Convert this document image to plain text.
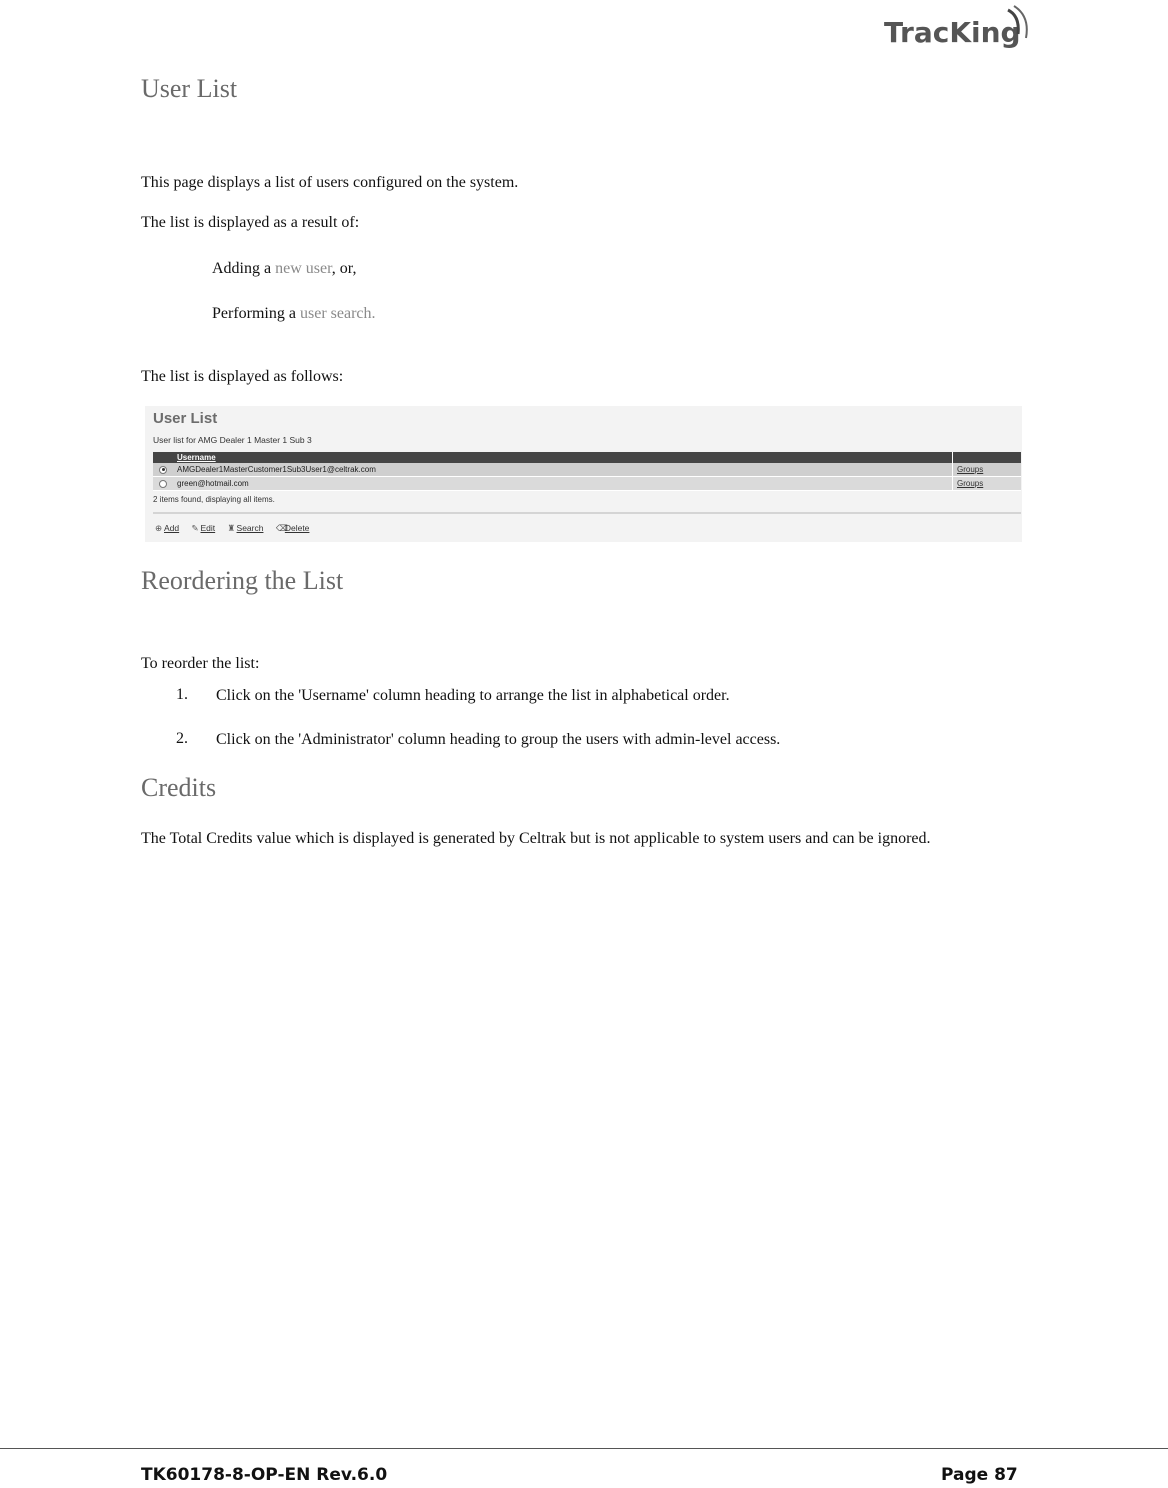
TracKing
User List

This page displays a list of users configured on the system.

The list is displayed as a result of:

Adding a new user, or,

Performing a user search.

The list is displayed as follows:

User List
User list for AMG Dealer 1 Master 1 Sub 3
	Username	
	AMGDealer1MasterCustomer1Sub3User1@celtrak.com	Groups
	green@hotmail.com	Groups
2 items found, displaying all items.
⊕ Add ✎ Edit ♜Search ⌫Delete
Reordering the List

To reorder the list:

1. Click on the 'Username' column heading to arrange the list in alphabetical order.

2. Click on the 'Administrator' column heading to group the users with admin-level access.

Credits

The Total Credits value which is displayed is generated by Celtrak but is not applicable to system users and can be ignored.

TK60178-8-OP-EN Rev.6.0	Page 87
